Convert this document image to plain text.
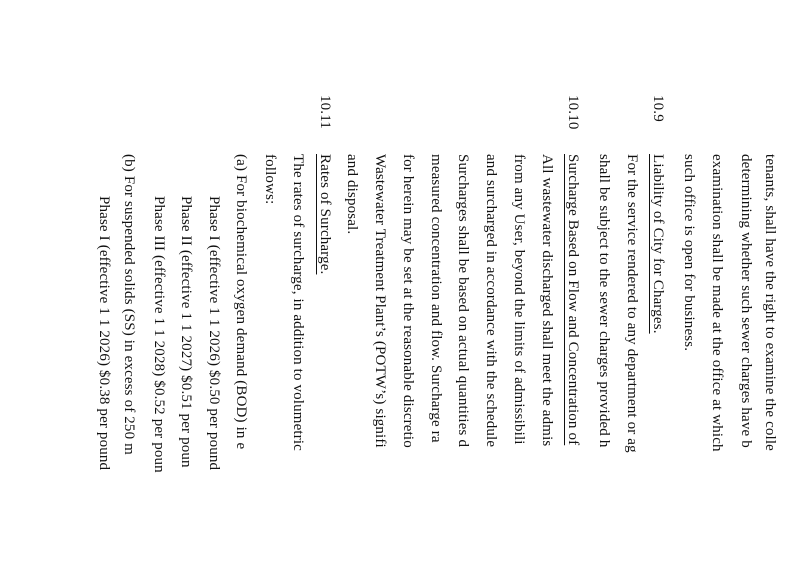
tenants, shall have the right to examine the colle
determining whether such sewer charges have b
examination shall be made at the office at which
such office is open for business.
10.9
Liability of City for Charges.
For the service rendered to any department or ag
shall be subject to the sewer charges provided h
10.10
Surcharge Based on Flow and Concentration of
All wastewater discharged shall meet the admis
from any User, beyond the limits of admissibili
and surcharged in accordance with the schedule
Surcharges shall be based on actual quantities d
measured concentration and flow. Surcharge ra
for herein may be set at the reasonable discretio
Wastewater Treatment Plant’s (POTW’s) signifi
and disposal.
10.11
Rates of Surcharge.
The rates of surcharge, in addition to volumetric
follows:
(a) For biochemical oxygen demand (BOD) in e
Phase I (effective 1 1 2026) $0.50 per pound
Phase II (effective 1 1 2027) $0.51 per poun
Phase III (effective 1 1 2028) $0.52 per poun
(b) For suspended solids (SS) in excess of 250 m
Phase I (effective 1 1 2026) $0.38 per pound
